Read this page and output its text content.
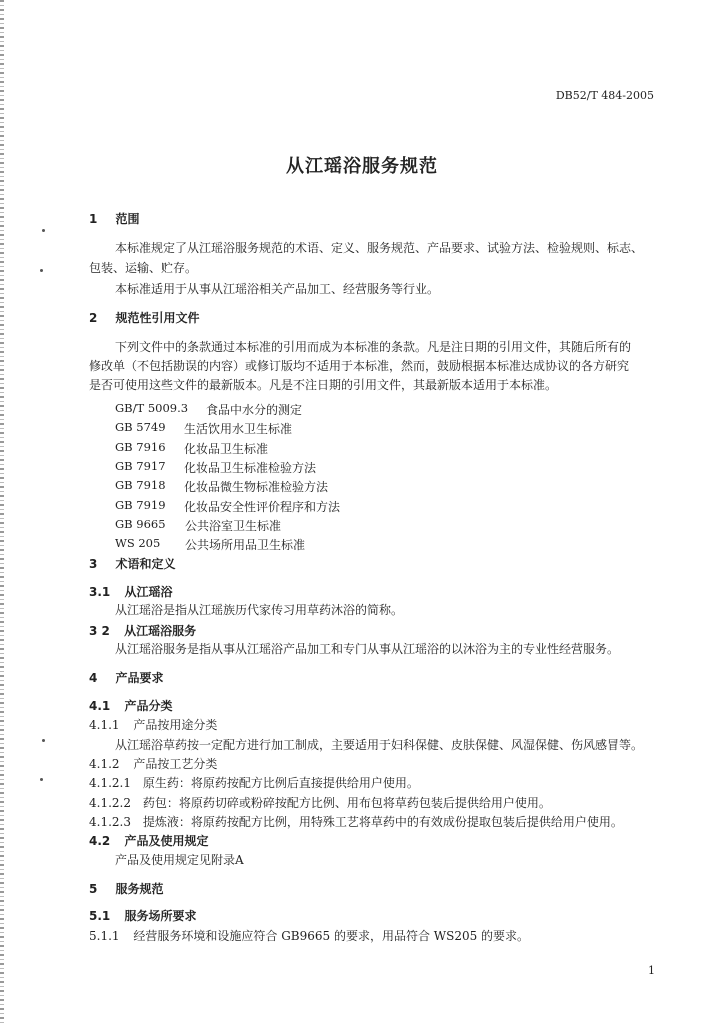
DB52/T 484-2005
从江瑶浴服务规范
1 范围
本标准规定了从江瑶浴服务规范的术语、定义、服务规范、产品要求、试验方法、检验规则、标志、
包装、运输、贮存。
本标准适用于从事从江瑶浴相关产品加工、经营服务等行业。
2 规范性引用文件
下列文件中的条款通过本标准的引用而成为本标准的条款。凡是注日期的引用文件，其随后所有的
修改单（不包括勘误的内容）或修订版均不适用于本标准，然而，鼓励根据本标准达成协议的各方研究
是否可使用这些文件的最新版本。凡是不注日期的引用文件，其最新版本适用于本标准。
GB/T 5009.3 食品中水分的测定
GB 5749 生活饮用水卫生标准
GB 7916 化妆品卫生标准
GB 7917 化妆品卫生标准检验方法
GB 7918 化妆品微生物标准检验方法
GB 7919 化妆品安全性评价程序和方法
GB 9665 公共浴室卫生标准
WS 205 公共场所用品卫生标准
3 术语和定义
3.1 从江瑶浴
从江瑶浴是指从江瑶族历代家传习用草药沐浴的简称。
3 2 从江瑶浴服务
从江瑶浴服务是指从事从江瑶浴产品加工和专门从事从江瑶浴的以沐浴为主的专业性经营服务。
4 产品要求
4.1 产品分类
4.1.1 产品按用途分类
从江瑶浴草药按一定配方进行加工制成，主要适用于妇科保健、皮肤保健、风湿保健、伤风感冒等。
4.1.2 产品按工艺分类
4.1.2.1 原生药：将原药按配方比例后直接提供给用户使用。
4.1.2.2 药包：将原药切碎或粉碎按配方比例、用布包将草药包装后提供给用户使用。
4.1.2.3 提炼液：将原药按配方比例，用特殊工艺将草药中的有效成份提取包装后提供给用户使用。
4.2 产品及使用规定
产品及使用规定见附录A
5 服务规范
5.1 服务场所要求
5.1.1 经营服务环境和设施应符合 GB9665 的要求，用品符合 WS205 的要求。
1
